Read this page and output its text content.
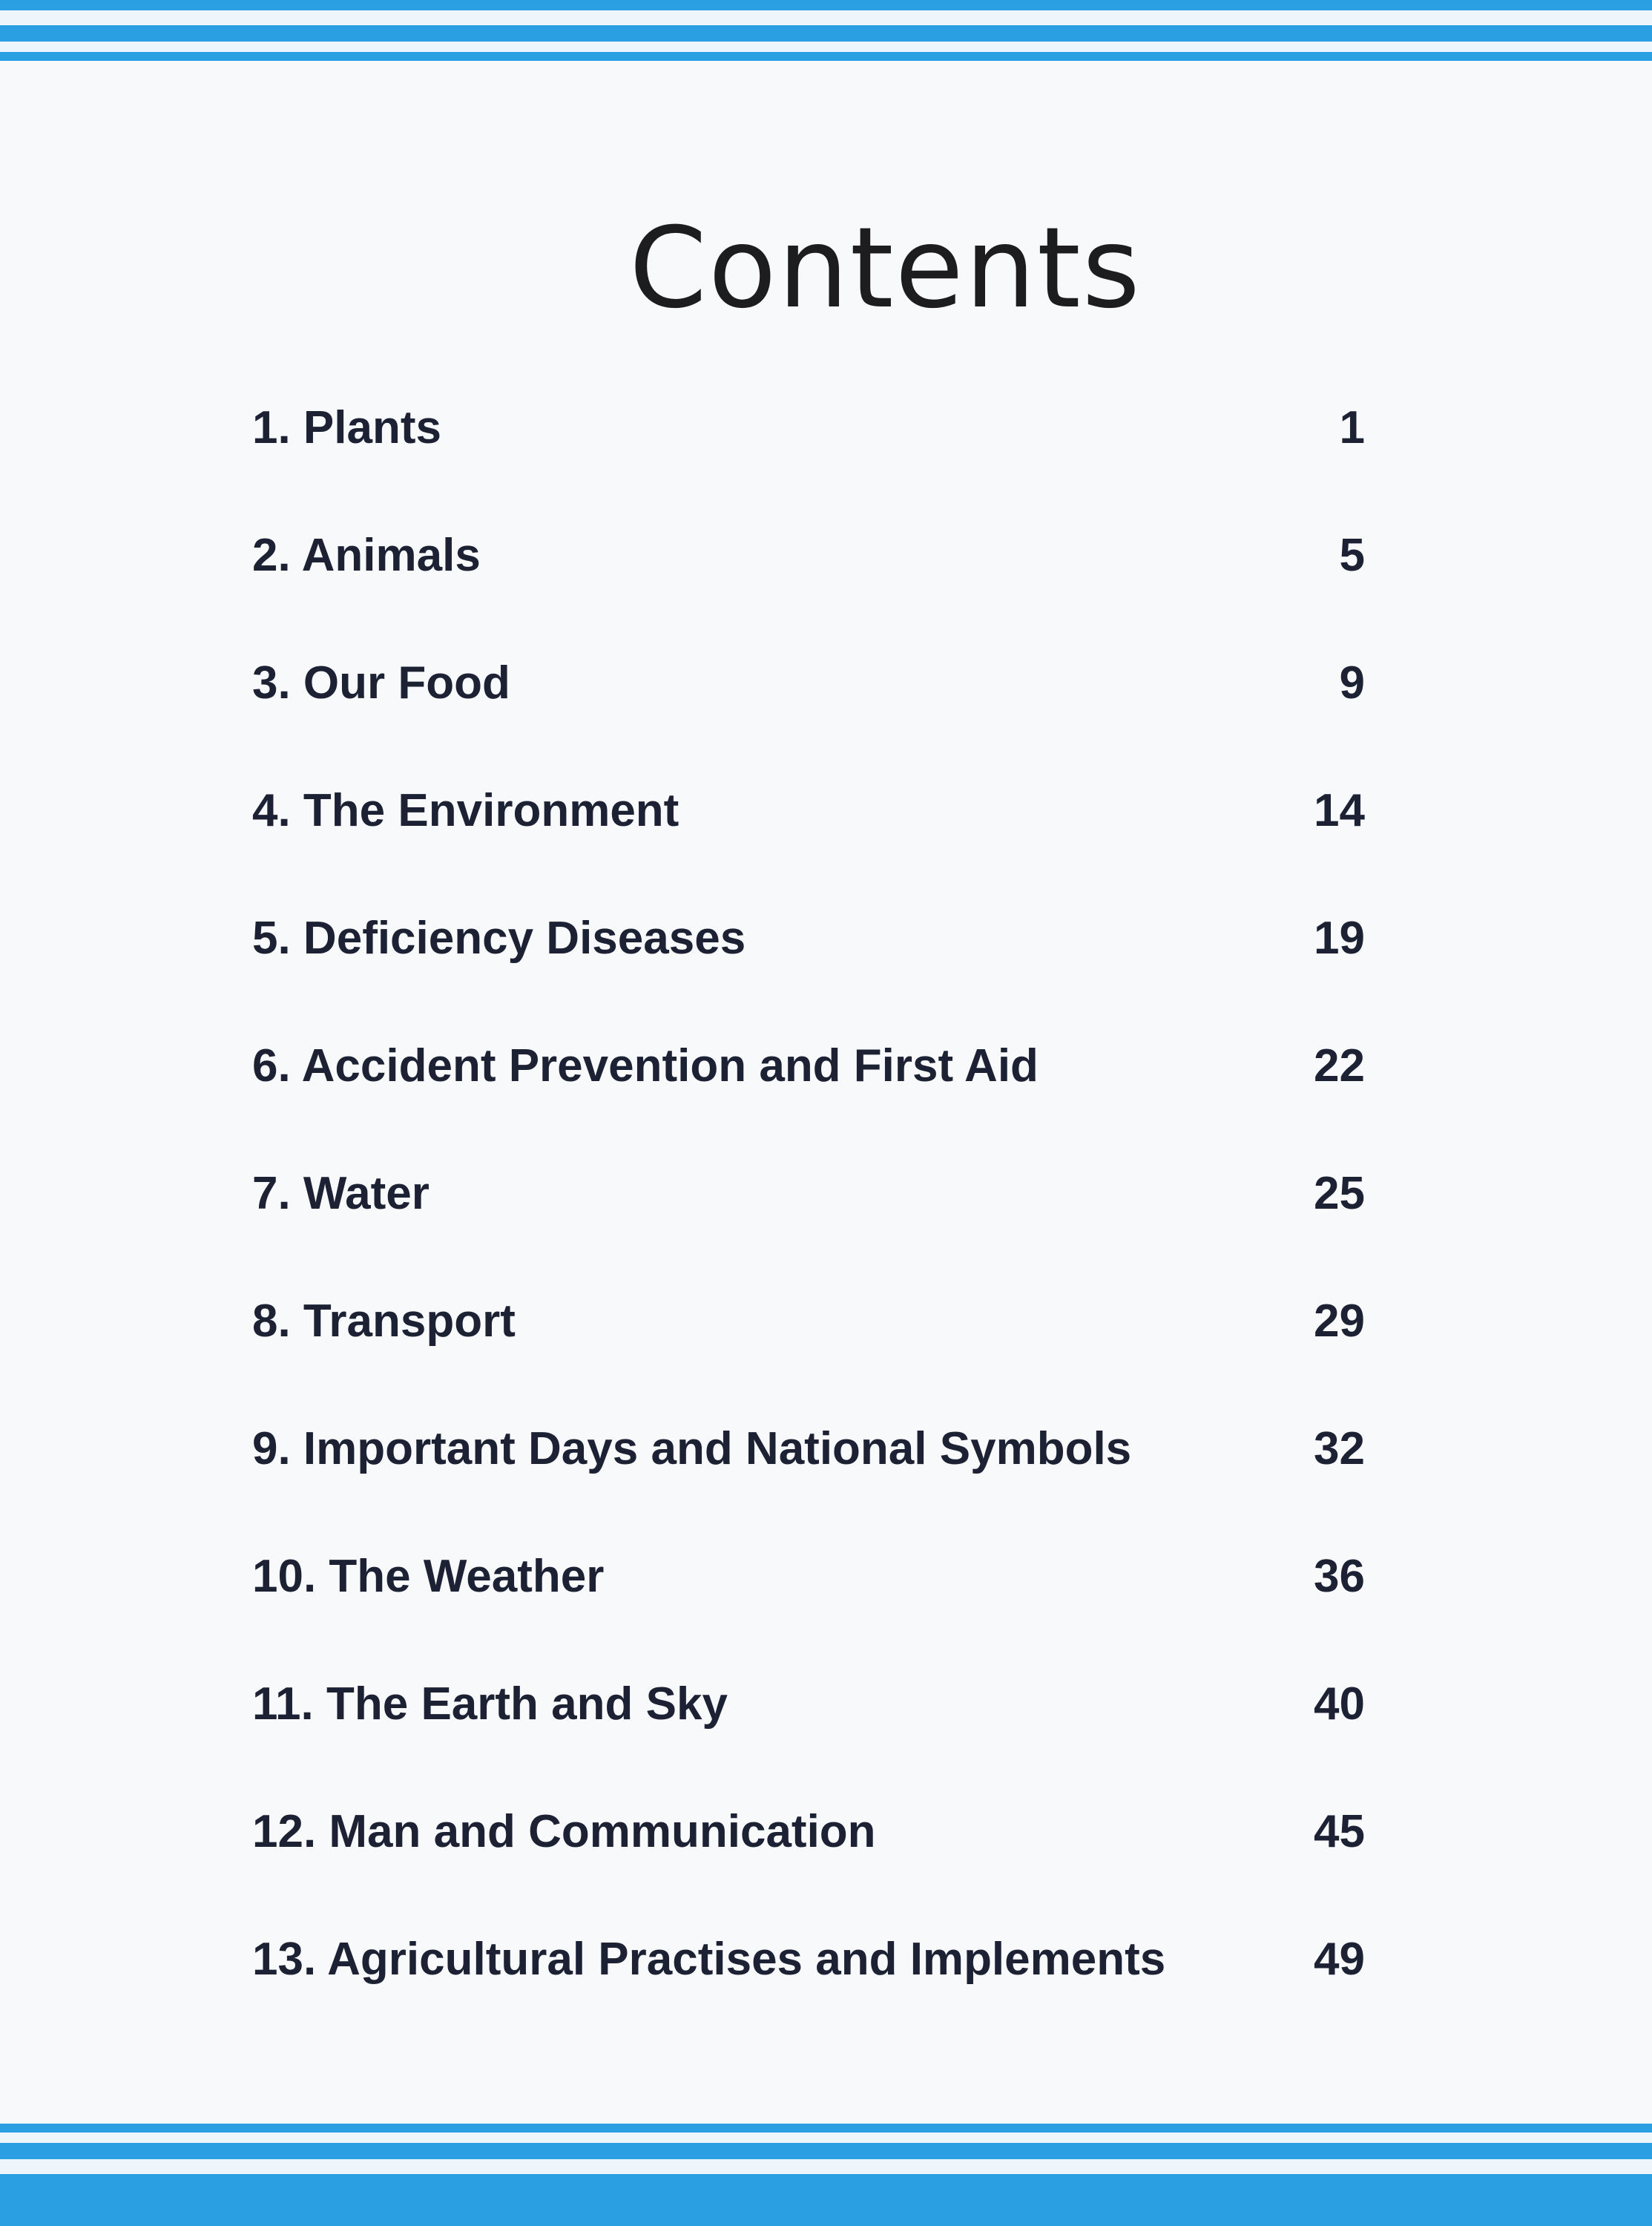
Contents
1. Plants	1
2. Animals	5
3. Our Food	9
4. The Environment	14
5. Deficiency Diseases	19
6. Accident Prevention and First Aid	22
7. Water	25
8. Transport	29
9. Important Days and National Symbols	32
10. The Weather	36
11. The Earth and Sky	40
12. Man and Communication	45
13. Agricultural Practises and Implements	49
